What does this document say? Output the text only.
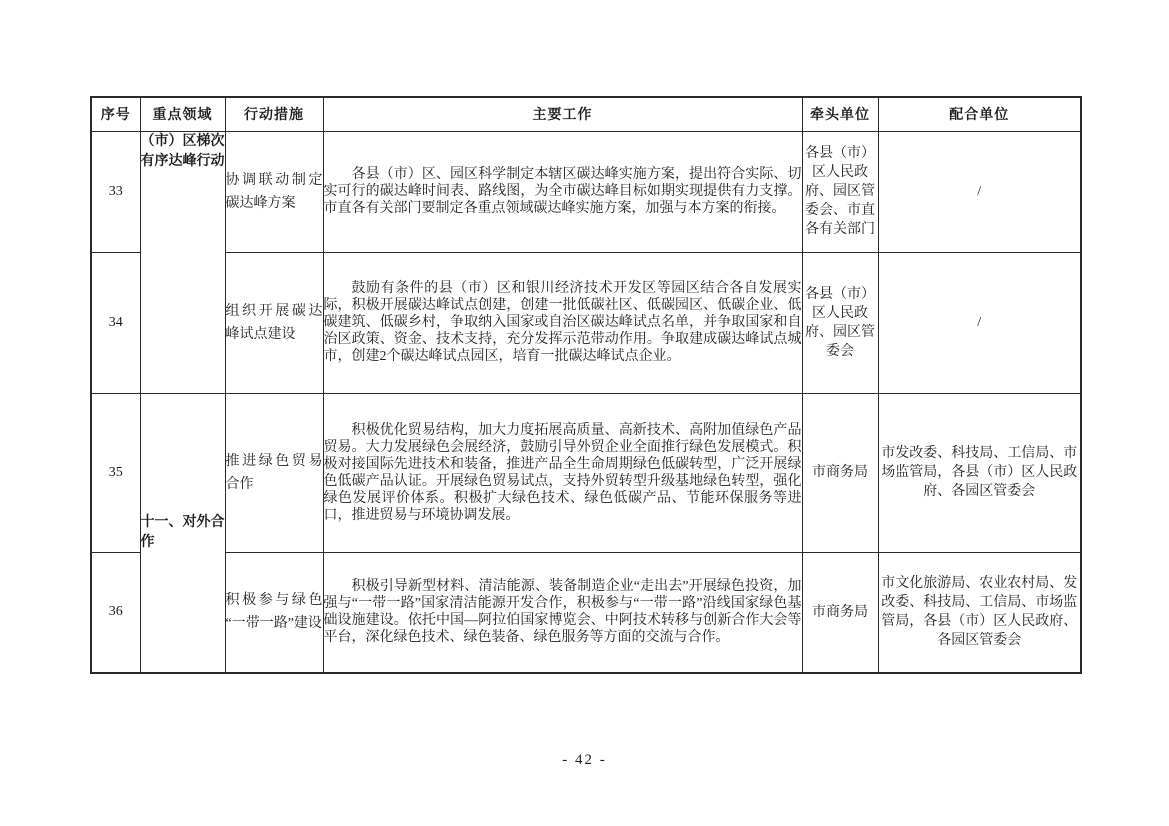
序号	重点领域	行动措施	主要工作	牵头单位	配合单位
33	（市）区梯次有序达峰行动	协调联动制定碳达峰方案	各县（市）区、园区科学制定本辖区碳达峰实施方案，提出符合实际、切实可行的碳达峰时间表、路线图，为全市碳达峰目标如期实现提供有力支撑。市直各有关部门要制定各重点领域碳达峰实施方案，加强与本方案的衔接。	各县（市）区人民政府、园区管委会、市直各有关部门	/
34		组织开展碳达峰试点建设	鼓励有条件的县（市）区和银川经济技术开发区等园区结合各自发展实际，积极开展碳达峰试点创建，创建一批低碳社区、低碳园区、低碳企业、低碳建筑、低碳乡村，争取纳入国家或自治区碳达峰试点名单，并争取国家和自治区政策、资金、技术支持，充分发挥示范带动作用。争取建成碳达峰试点城市，创建2个碳达峰试点园区，培育一批碳达峰试点企业。	各县（市）区人民政府、园区管委会	/
35	十一、对外合作	推进绿色贸易合作	积极优化贸易结构，加大力度拓展高质量、高新技术、高附加值绿色产品贸易。大力发展绿色会展经济，鼓励引导外贸企业全面推行绿色发展模式。积极对接国际先进技术和装备，推进产品全生命周期绿色低碳转型，广泛开展绿色低碳产品认证。开展绿色贸易试点，支持外贸转型升级基地绿色转型，强化绿色发展评价体系。积极扩大绿色技术、绿色低碳产品、节能环保服务等进口，推进贸易与环境协调发展。	市商务局	市发改委、科技局、工信局、市场监管局，各县（市）区人民政府、各园区管委会
36		积极参与绿色“一带一路”建设	积极引导新型材料、清洁能源、装备制造企业“走出去”开展绿色投资，加强与“一带一路”国家清洁能源开发合作，积极参与“一带一路”沿线国家绿色基础设施建设。依托中国—阿拉伯国家博览会、中阿技术转移与创新合作大会等平台，深化绿色技术、绿色装备、绿色服务等方面的交流与合作。	市商务局	市文化旅游局、农业农村局、发改委、科技局、工信局、市场监管局，各县（市）区人民政府、各园区管委会
- 42 -
